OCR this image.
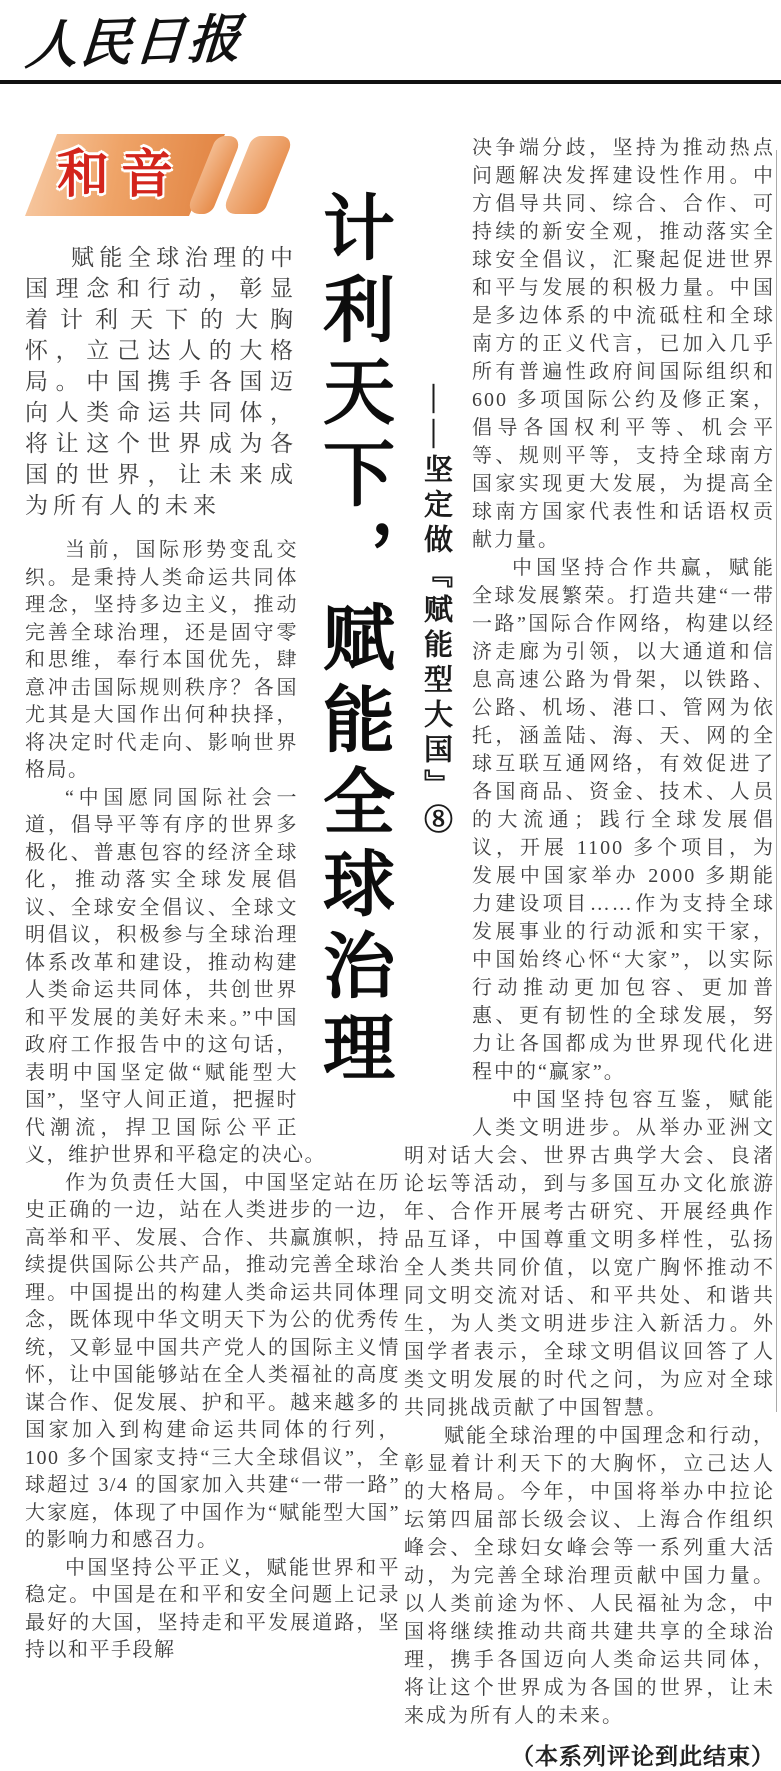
人民日报
计利天下，赋能全球治理
和音

赋能全球治理的中国理念和行动，彰显着计利天下的大胸怀，立己达人的大格局。中国携手各国迈向人类命运共同体，将让这个世界成为各国的世界，让未来成为所有人的未来

当前，国际形势变乱交织。是秉持人类命运共同体理念，坚持多边主义，推动完善全球治理，还是固守零和思维，奉行本国优先，肆意冲击国际规则秩序？各国尤其是大国作出何种抉择，将决定时代走向、影响世界格局。

“中国愿同国际社会一道，倡导平等有序的世界多极化、普惠包容的经济全球化，推动落实全球发展倡议、全球安全倡议、全球文明倡议，积极参与全球治理体系改革和建设，推动构建人类命运共同体，共创世界和平发展的美好未来。”中国政府工作报告中的这句话，表明中国坚定做“赋能型大国”，坚守人间正道，把握时代潮流，捍卫国际公平正义，维护世界和平稳定的决心。

作为负责任大国，中国坚定站在历史正确的一边，站在人类进步的一边，高举和平、发展、合作、共赢旗帜，持续提供国际公共产品，推动完善全球治理。中国提出的构建人类命运共同体理念，既体现中华文明天下为公的优秀传统，又彰显中国共产党人的国际主义情怀，让中国能够站在全人类福祉的高度谋合作、促发展、护和平。越来越多的国家加入到构建命运共同体的行列，100 多个国家支持“三大全球倡议”，全球超过 3/4 的国家加入共建“一带一路”大家庭，体现了中国作为“赋能型大国”的影响力和感召力。

中国坚持公平正义，赋能世界和平稳定。中国是在和平和安全问题上记录最好的大国，坚持走和平发展道路，坚持以和平手段解

——坚定做『赋能型大国』⑧

决争端分歧，坚持为推动热点问题解决发挥建设性作用。中方倡导共同、综合、合作、可持续的新安全观，推动落实全球安全倡议，汇聚起促进世界和平与发展的积极力量。中国是多边体系的中流砥柱和全球南方的正义代言，已加入几乎所有普遍性政府间国际组织和 600 多项国际公约及修正案，倡导各国权利平等、机会平等、规则平等，支持全球南方国家实现更大发展，为提高全球南方国家代表性和话语权贡献力量。

中国坚持合作共赢，赋能全球发展繁荣。打造共建“一带一路”国际合作网络，构建以经济走廊为引领，以大通道和信息高速公路为骨架，以铁路、公路、机场、港口、管网为依托，涵盖陆、海、天、网的全球互联互通网络，有效促进了各国商品、资金、技术、人员的大流通；践行全球发展倡议，开展 1100 多个项目，为发展中国家举办 2000 多期能力建设项目……作为支持全球发展事业的行动派和实干家，中国始终心怀“大家”，以实际行动推动更加包容、更加普惠、更有韧性的全球发展，努力让各国都成为世界现代化进程中的“赢家”。

中国坚持包容互鉴，赋能人类文明进步。从举办亚洲文明对话大会、世界古典学大会、良渚论坛等活动，到与多国互办文化旅游年、合作开展考古研究、开展经典作品互译，中国尊重文明多样性，弘扬全人类共同价值，以宽广胸怀推动不同文明交流对话、和平共处、和谐共生，为人类文明进步注入新活力。外国学者表示，全球文明倡议回答了人类文明发展的时代之问，为应对全球共同挑战贡献了中国智慧。

赋能全球治理的中国理念和行动，彰显着计利天下的大胸怀，立己达人的大格局。今年，中国将举办中拉论坛第四届部长级会议、上海合作组织峰会、全球妇女峰会等一系列重大活动，为完善全球治理贡献中国力量。以人类前途为怀、人民福祉为念，中国将继续推动共商共建共享的全球治理，携手各国迈向人类命运共同体，将让这个世界成为各国的世界，让未来成为所有人的未来。

（本系列评论到此结束）
